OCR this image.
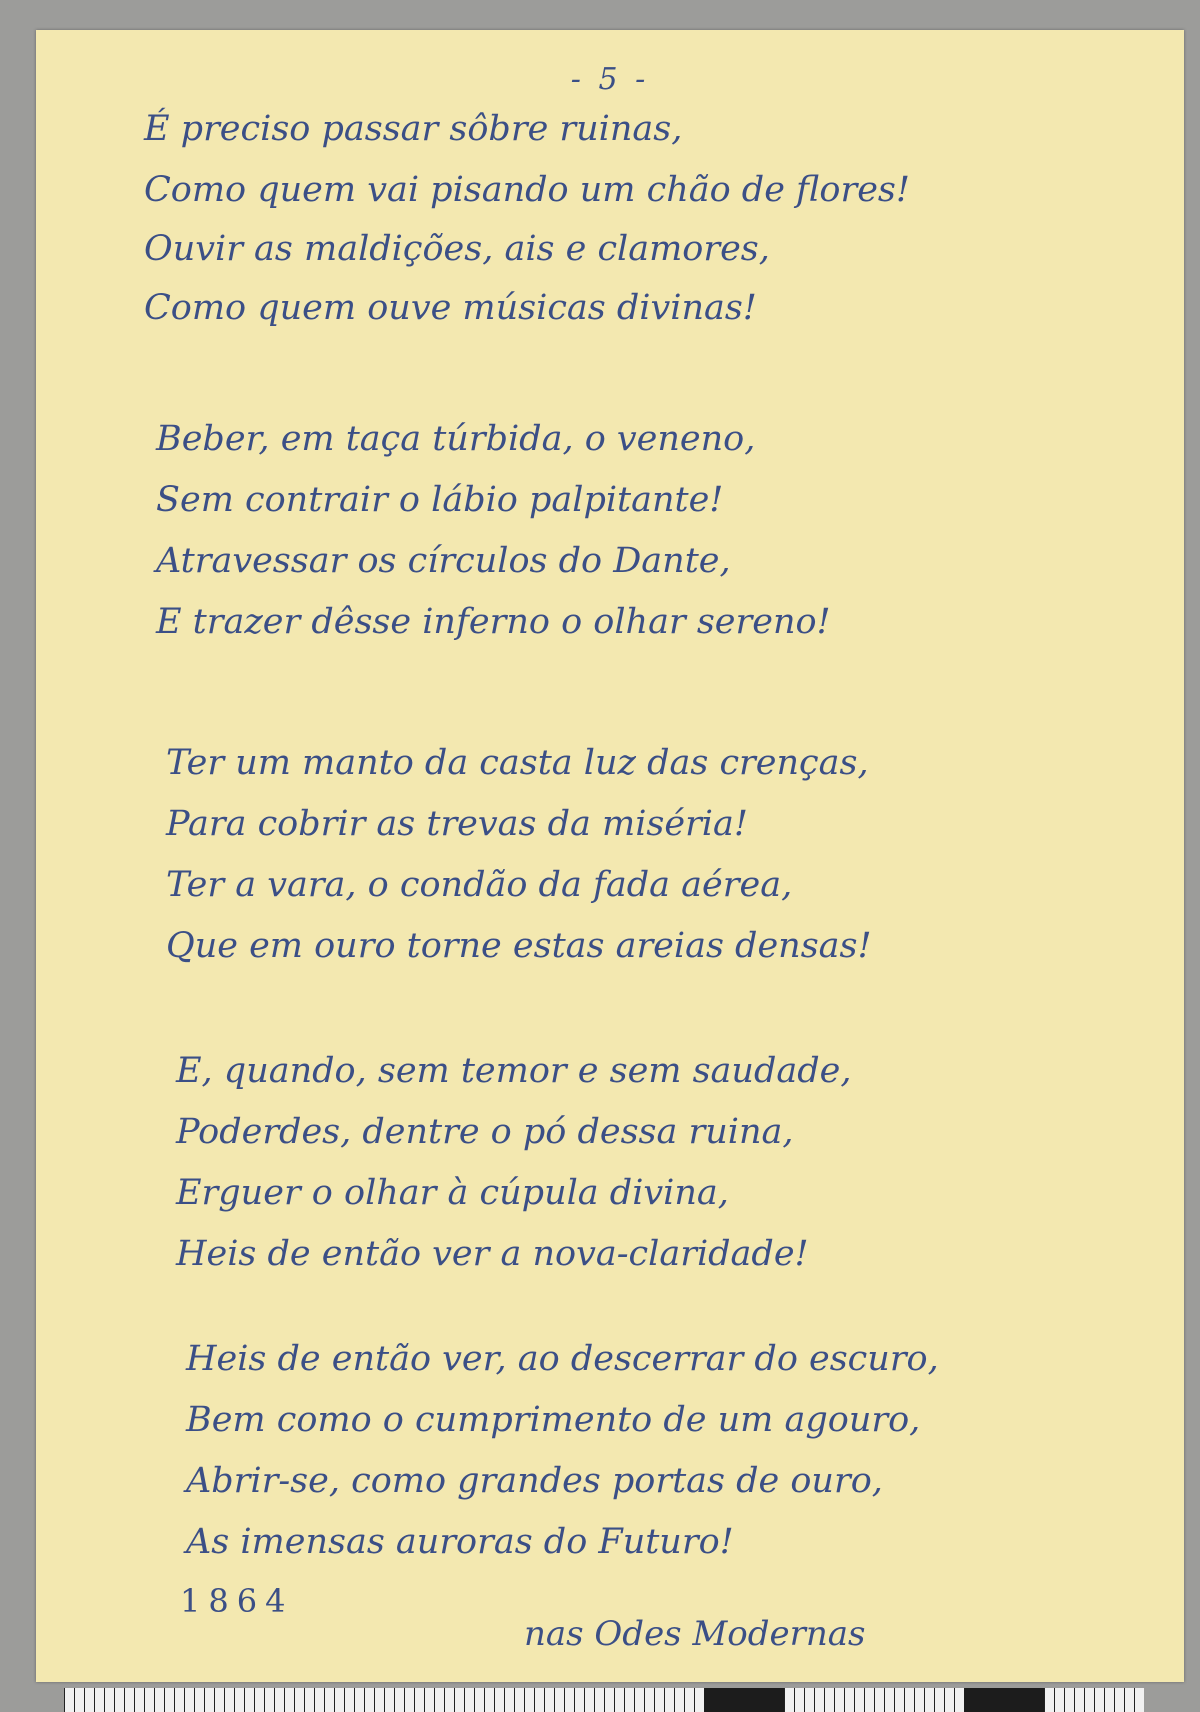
- 5 -
É preciso passar sôbre ruinas,
Como quem vai pisando um chão de flores!
Ouvir as maldições, ais e clamores,
Como quem ouve músicas divinas!
Beber, em taça túrbida, o veneno,
Sem contrair o lábio palpitante!
Atravessar os círculos do Dante,
E trazer dêsse inferno o olhar sereno!
Ter um manto da casta luz das crenças,
Para cobrir as trevas da miséria!
Ter a vara, o condão da fada aérea,
Que em ouro torne estas areias densas!
E, quando, sem temor e sem saudade,
Poderdes, dentre o pó dessa ruina,
Erguer o olhar à cúpula divina,
Heis de então ver a nova-claridade!
Heis de então ver, ao descerrar do escuro,
Bem como o cumprimento de um agouro,
Abrir-se, como grandes portas de ouro,
As imensas auroras do Futuro!
1864
nas Odes Modernas
